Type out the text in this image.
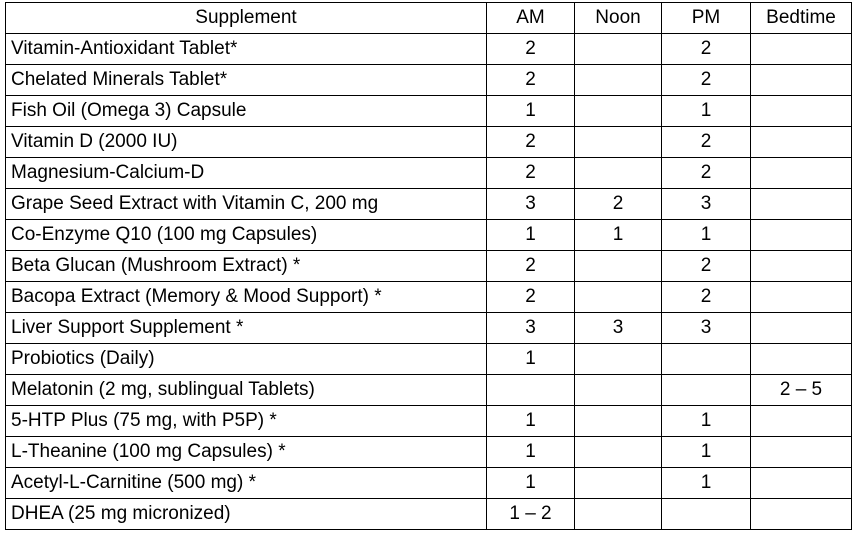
Supplement	AM	Noon	PM	Bedtime
Vitamin-Antioxidant Tablet*	2		2	
Chelated Minerals Tablet*	2		2	
Fish Oil (Omega 3) Capsule	1		1	
Vitamin D (2000 IU)	2		2	
Magnesium-Calcium-D	2		2	
Grape Seed Extract with Vitamin C, 200 mg	3	2	3	
Co-Enzyme Q10 (100 mg Capsules)	1	1	1	
Beta Glucan (Mushroom Extract) *	2		2	
Bacopa Extract (Memory & Mood Support) *	2		2	
Liver Support Supplement *	3	3	3	
Probiotics (Daily)	1			
Melatonin (2 mg, sublingual Tablets)				2 – 5
5-HTP Plus (75 mg, with P5P) *	1		1	
L-Theanine (100 mg Capsules) *	1		1	
Acetyl-L-Carnitine (500 mg) *	1		1	
DHEA (25 mg micronized)	1 – 2			
